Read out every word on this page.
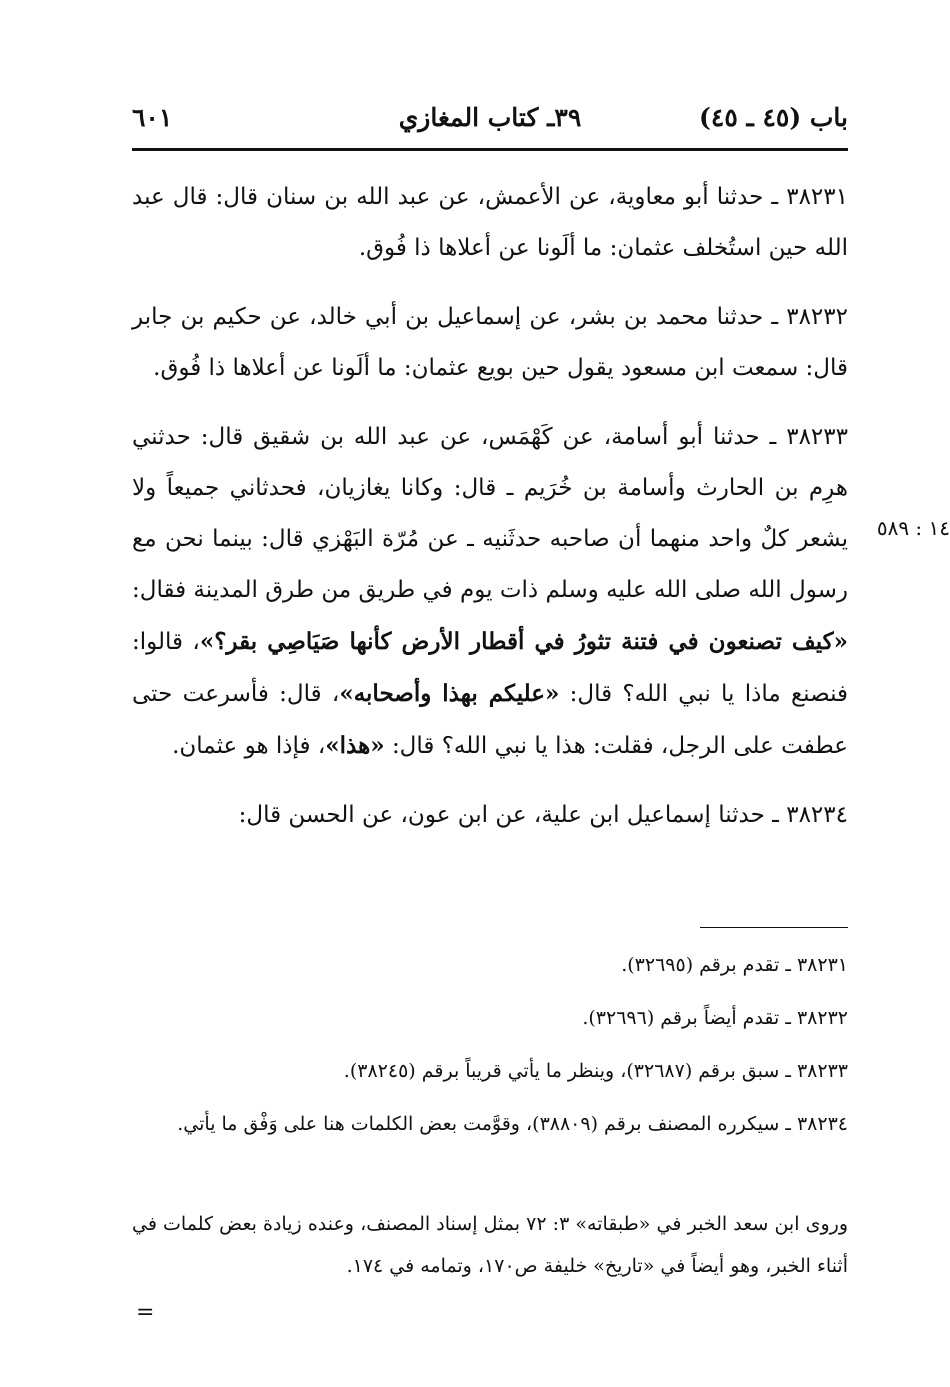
باب (٤٥ ـ ٤٥)
٣٩ـ كتاب المغازي
٦٠١

٣٨٢٣١ ـ حدثنا أبو معاوية، عن الأعمش، عن عبد الله بن سنان قال: قال عبد الله حين استُخلف عثمان: ما ألَونا عن أعلاها ذا فُوق.

٣٨٢٣٢ ـ حدثنا محمد بن بشر، عن إسماعيل بن أبي خالد، عن حكيم بن جابر قال: سمعت ابن مسعود يقول حين بويع عثمان: ما ألَونا عن أعلاها ذا فُوق.

٣٨٢٣٣ ـ حدثنا أبو أسامة، عن كَهْمَس، عن عبد الله بن شقيق قال: حدثني هرِم بن الحارث وأسامة بن خُرَيم ـ قال: وكانا يغازيان، فحدثاني جميعاً ولا يشعر كلٌ واحد منهما أن صاحبه حدثَنيه ـ عن مُرّة البَهْزي قال: بينما نحن مع رسول الله صلى الله عليه وسلم ذات يوم في طريق من طرق المدينة فقال: «كيف تصنعون في فتنة تثورُ في أقطار الأرض كأنها صَيَاصِي بقر؟»، قالوا: فنصنع ماذا يا نبي الله؟ قال: «عليكم بهذا وأصحابه»، قال: فأسرعت حتى عطفت على الرجل، فقلت: هذا يا نبي الله؟ قال: «هذا»، فإذا هو عثمان.

٣٨٢٣٤ ـ حدثنا إسماعيل ابن علية، عن ابن عون، عن الحسن قال:

١٤ : ٥٨٩

٣٨٢٣١ ـ تقدم برقم (٣٢٦٩٥).

٣٨٢٣٢ ـ تقدم أيضاً برقم (٣٢٦٩٦).

٣٨٢٣٣ ـ سبق برقم (٣٢٦٨٧)، وينظر ما يأتي قريباً برقم (٣٨٢٤٥).

٣٨٢٣٤ ـ سيكرره المصنف برقم (٣٨٨٠٩)، وقوَّمت بعض الكلمات هنا على وَفْق ما يأتي.

وروى ابن سعد الخبر في «طبقاته» ٣: ٧٢ بمثل إسناد المصنف، وعنده زيادة بعض كلمات في أثناء الخبر، وهو أيضاً في «تاريخ» خليفة ص١٧٠، وتمامه في ١٧٤.
=
